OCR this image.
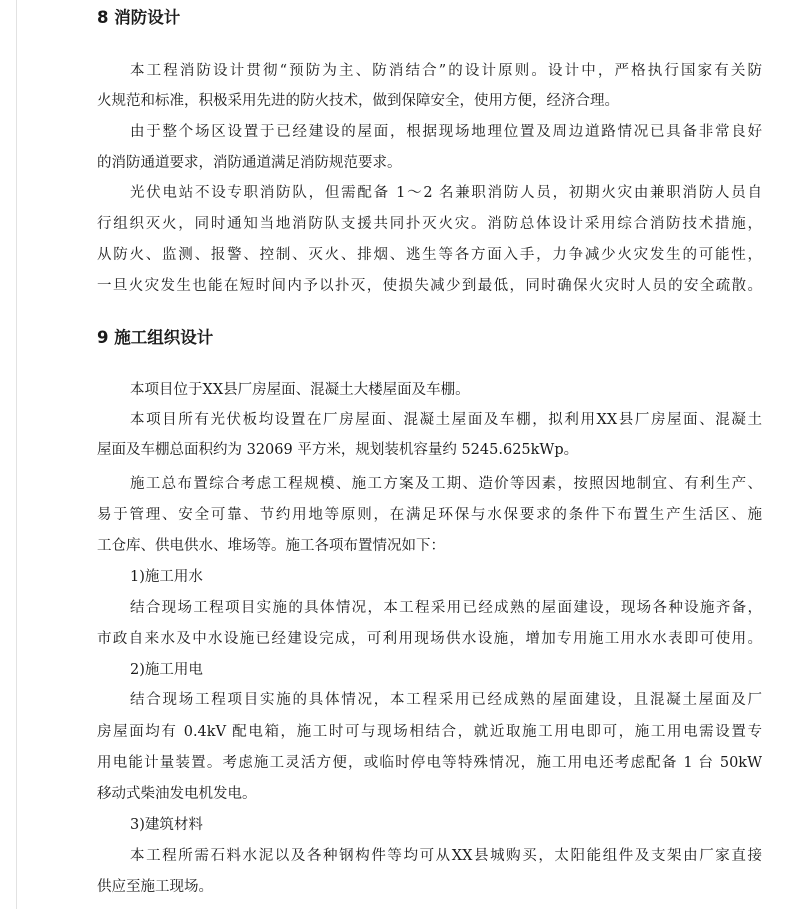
8 消防设计

本工程消防设计贯彻“预防为主、防消结合”的设计原则。设计中，严格执行国家有关防

火规范和标准，积极采用先进的防火技术，做到保障安全，使用方便，经济合理。

由于整个场区设置于已经建设的屋面，根据现场地理位置及周边道路情况已具备非常良好

的消防通道要求，消防通道满足消防规范要求。

光伏电站不设专职消防队，但需配备 1～2 名兼职消防人员，初期火灾由兼职消防人员自

行组织灭火，同时通知当地消防队支援共同扑灭火灾。消防总体设计采用综合消防技术措施，

从防火、监测、报警、控制、灭火、排烟、逃生等各方面入手，力争减少火灾发生的可能性，

一旦火灾发生也能在短时间内予以扑灭，使损失减少到最低，同时确保火灾时人员的安全疏散。

9 施工组织设计

本项目位于XX县厂房屋面、混凝土大楼屋面及车棚。

本项目所有光伏板均设置在厂房屋面、混凝土屋面及车棚，拟利用XX县厂房屋面、混凝土

屋面及车棚总面积约为 32069 平方米，规划装机容量约 5245.625kWp。

施工总布置综合考虑工程规模、施工方案及工期、造价等因素，按照因地制宜、有利生产、

易于管理、安全可靠、节约用地等原则，在满足环保与水保要求的条件下布置生产生活区、施

工仓库、供电供水、堆场等。施工各项布置情况如下：

1)施工用水

结合现场工程项目实施的具体情况，本工程采用已经成熟的屋面建设，现场各种设施齐备，

市政自来水及中水设施已经建设完成，可利用现场供水设施，增加专用施工用水水表即可使用。

2)施工用电

结合现场工程项目实施的具体情况，本工程采用已经成熟的屋面建设，且混凝土屋面及厂

房屋面均有 0.4kV 配电箱，施工时可与现场相结合，就近取施工用电即可，施工用电需设置专

用电能计量装置。考虑施工灵活方便，或临时停电等特殊情况，施工用电还考虑配备 1 台 50kW

移动式柴油发电机发电。

3)建筑材料

本工程所需石料水泥以及各种钢构件等均可从XX县城购买，太阳能组件及支架由厂家直接

供应至施工现场。
